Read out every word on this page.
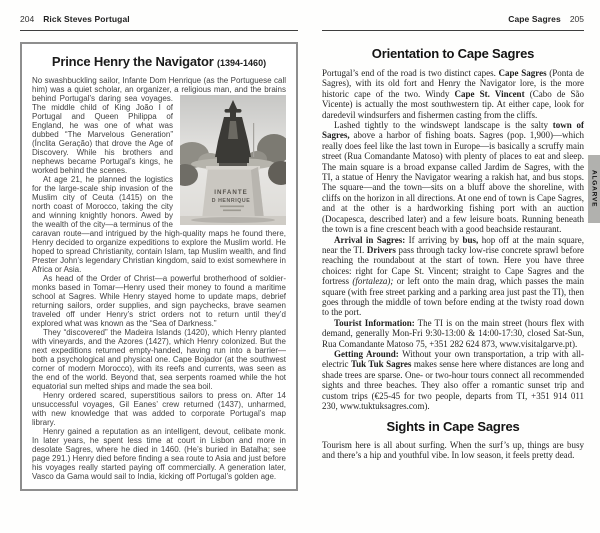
204 Rick Steves Portugal
Prince Henry the Navigator (1394-1460)
INFANTE
D HENRIQUE

No swashbuckling sailor, Infante Dom Henrique (as the Portuguese call him) was a quiet scholar, an organizer, a religious man, and the brains behind Portugal’s daring sea voyages. The middle child of King João I of Portugal and Queen Philippa of England, he was one of what was dubbed “The Marvelous Generation” (Ínclita Geração) that drove the Age of Discovery. While his brothers and nephews became Portugal’s kings, he worked behind the scenes.

At age 21, he planned the logistics for the large-scale ship invasion of the Muslim city of Ceuta (1415) on the north coast of Morocco, taking the city and winning knightly honors. Awed by the wealth of the city—a terminus of the caravan route—and intrigued by the high-quality maps he found there, Henry decided to organize expeditions to explore the Muslim world. He hoped to spread Christianity, contain Islam, tap Muslim wealth, and find Prester John’s legendary Christian kingdom, said to exist somewhere in Africa or Asia.

As head of the Order of Christ—a powerful brotherhood of soldier-monks based in Tomar—Henry used their money to found a maritime school at Sagres. While Henry stayed home to update maps, debrief returning sailors, order supplies, and sign paychecks, brave seamen traveled off under Henry’s strict orders not to return until they’d explored what was known as the “Sea of Darkness.”

They “discovered” the Madeira Islands (1420), which Henry planted with vineyards, and the Azores (1427), which Henry colonized. But the next expeditions returned empty-handed, having run into a barrier—both a psychological and physical one. Cape Bojador (at the southwest corner of modern Morocco), with its reefs and currents, was seen as the end of the world. Beyond that, sea serpents roamed while the hot equatorial sun melted ships and made the sea boil.

Henry ordered scared, superstitious sailors to press on. After 14 unsuccessful voyages, Gil Eanes’ crew returned (1437), unharmed, with new knowledge that was added to corporate Portugal’s map library.

Henry gained a reputation as an intelligent, devout, celibate monk. In later years, he spent less time at court in Lisbon and more in desolate Sagres, where he died in 1460. (He’s buried in Batalha; see page 291.) Henry died before finding a sea route to Asia and just before his voyages really started paying off commercially. A generation later, Vasco da Gama would sail to India, kicking off Portugal’s golden age.

Cape Sagres 205
Orientation to Cape Sagres

Portugal’s end of the road is two distinct capes. Cape Sagres (Ponta de Sagres), with its old fort and Henry the Navigator lore, is the more historic cape of the two. Windy Cape St. Vincent (Cabo de São Vicente) is actually the most southwestern tip. At either cape, look for daredevil windsurfers and fishermen casting from the cliffs.

Lashed tightly to the windswept landscape is the salty town of Sagres, above a harbor of fishing boats. Sagres (pop. 1,900)—which really does feel like the last town in Europe—is basically a scruffy main street (Rua Comandante Matoso) with plenty of places to eat and sleep. The main square is a broad expanse called Jardim de Sagres, with the TI, a statue of Henry the Navigator wearing a rakish hat, and bus stops. The square—and the town—sits on a bluff above the shoreline, with cliffs on the horizon in all directions. At one end of town is Cape Sagres, and at the other is a hardworking fishing port with an auction (Docapesca, described later) and a few leisure boats. Running beneath the town is a fine crescent beach with a good beachside restaurant.

Arrival in Sagres: If arriving by bus, hop off at the main square, near the TI. Drivers pass through tacky low-rise concrete sprawl before reaching the roundabout at the start of town. Here you have three choices: right for Cape St. Vincent; straight to Cape Sagres and the fortress (fortaleza); or left onto the main drag, which passes the main square (with free street parking and a parking area just past the TI), then goes through the middle of town before ending at the twisty road down to the port.

Tourist Information: The TI is on the main street (hours flex with demand, generally Mon-Fri 9:30-13:00 & 14:00-17:30, closed Sat-Sun, Rua Comandante Matoso 75, +351 282 624 873, www.visitalgarve.pt).

Getting Around: Without your own transportation, a trip with all-electric Tuk Tuk Sagres makes sense here where distances are long and shade trees are sparse. One- or two-hour tours connect all recommended sights and three beaches. They also offer a romantic sunset trip and custom trips (€25-45 for two people, departs from TI, +351 914 011 230, www.tuktuksagres.com).

Sights in Cape Sagres

Tourism here is all about surfing. When the surf’s up, things are busy and there’s a hip and youthful vibe. In low season, it feels pretty dead.

ALGARVE
